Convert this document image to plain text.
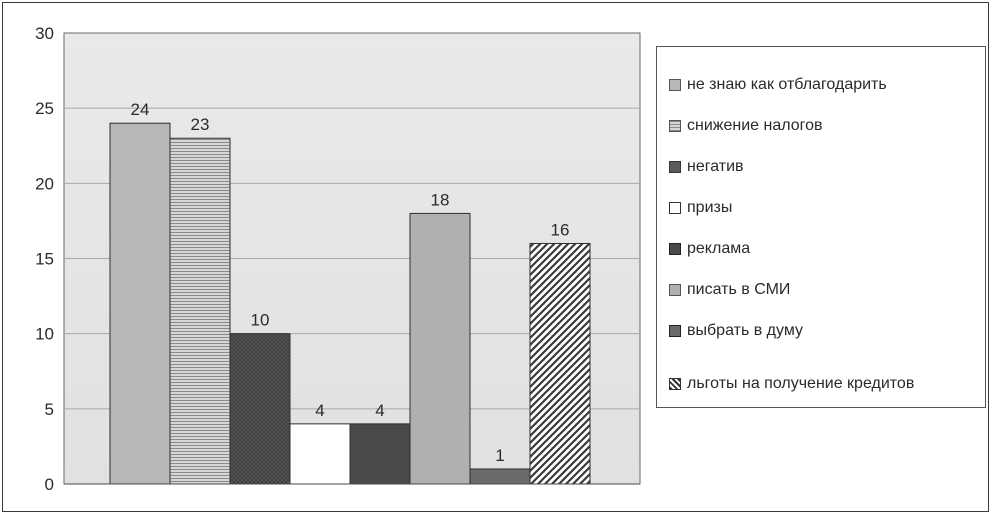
0
5
10
15
20
25
30
24
23
10
4	4
18
1
16
не знаю как отблагодарить
снижение налогов
негатив
призы
реклама
писать в СМИ
выбрать в думу
льготы на получение кредитов
